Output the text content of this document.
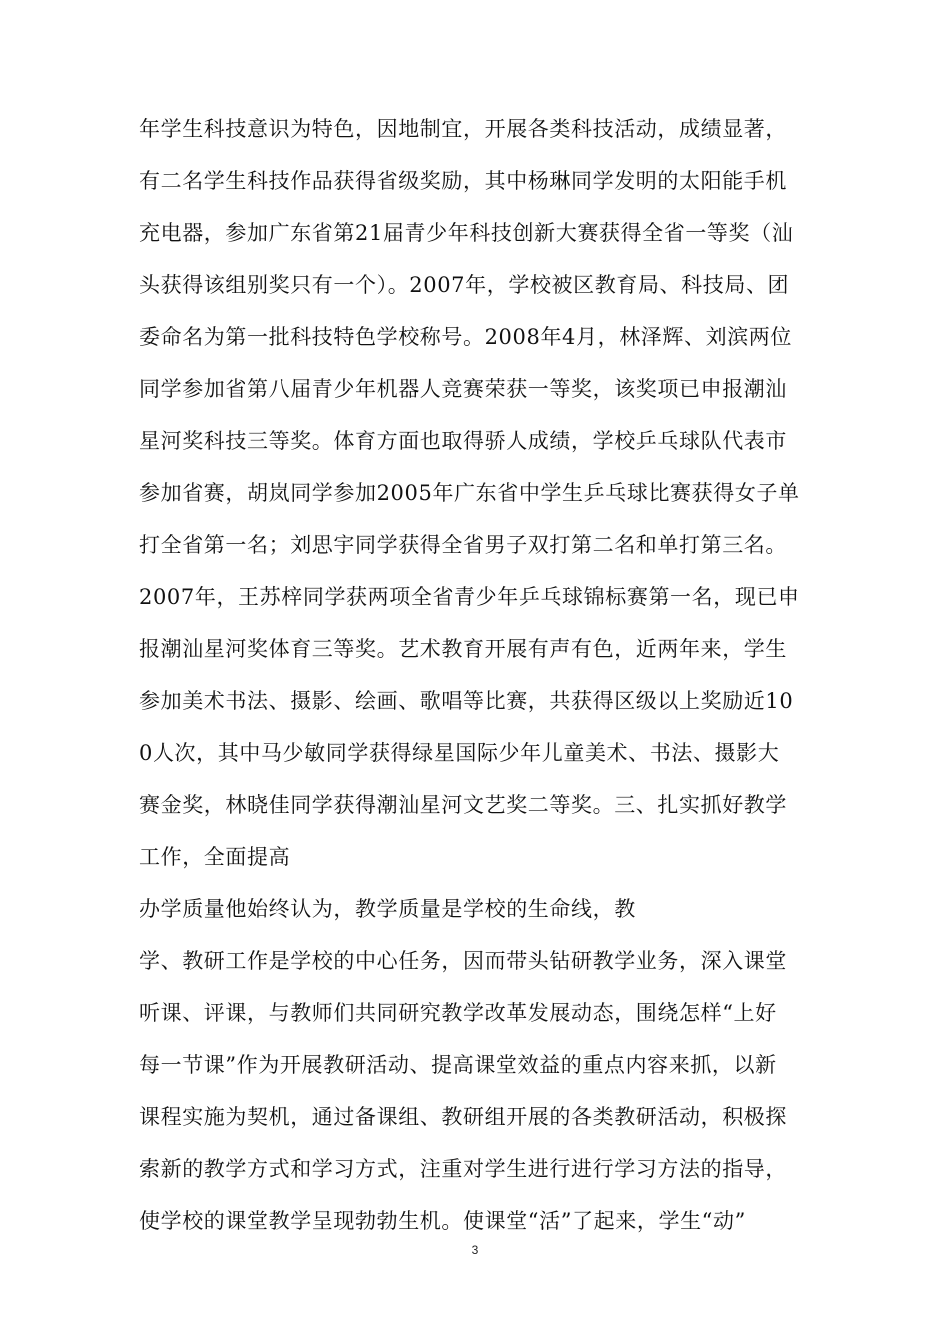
年学生科技意识为特色，因地制宜，开展各类科技活动，成绩显著，
有二名学生科技作品获得省级奖励，其中杨琳同学发明的太阳能手机
充电器，参加广东省第21届青少年科技创新大赛获得全省一等奖（汕
头获得该组别奖只有一个）。2007年，学校被区教育局、科技局、团
委命名为第一批科技特色学校称号。2008年4月，林泽辉、刘滨两位
同学参加省第八届青少年机器人竞赛荣获一等奖，该奖项已申报潮汕
星河奖科技三等奖。体育方面也取得骄人成绩，学校乒乓球队代表市
参加省赛，胡岚同学参加2005年广东省中学生乒乓球比赛获得女子单
打全省第一名；刘思宇同学获得全省男子双打第二名和单打第三名。
2007年，王苏梓同学获两项全省青少年乒乓球锦标赛第一名，现已申
报潮汕星河奖体育三等奖。艺术教育开展有声有色，近两年来，学生
参加美术书法、摄影、绘画、歌唱等比赛，共获得区级以上奖励近10
0人次，其中马少敏同学获得绿星国际少年儿童美术、书法、摄影大
赛金奖，林晓佳同学获得潮汕星河文艺奖二等奖。三、扎实抓好教学
工作，全面提高
办学质量他始终认为，教学质量是学校的生命线，教
学、教研工作是学校的中心任务，因而带头钻研教学业务，深入课堂
听课、评课，与教师们共同研究教学改革发展动态，围绕怎样“上好
每一节课”作为开展教研活动、提高课堂效益的重点内容来抓，以新
课程实施为契机，通过备课组、教研组开展的各类教研活动，积极探
索新的教学方式和学习方式，注重对学生进行进行学习方法的指导，
使学校的课堂教学呈现勃勃生机。使课堂“活”了起来，学生“动”
3
